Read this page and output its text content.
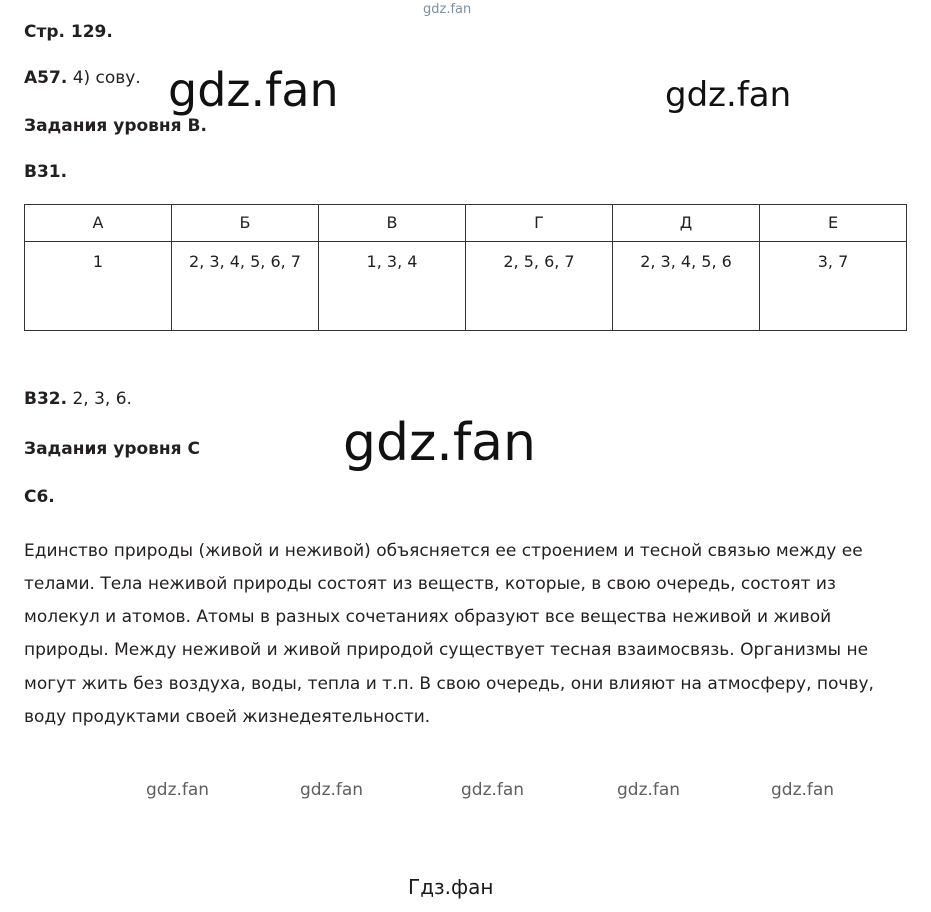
Стр. 129.
А57. 4) сову.
Задания уровня В.
В31.
А	Б	В	Г	Д	Е
1	2, 3, 4, 5, 6, 7	1, 3, 4	2, 5, 6, 7	2, 3, 4, 5, 6	3, 7
В32. 2, 3, 6.
Задания уровня С
С6.
Единство природы (живой и неживой) объясняется ее строением и тесной связью между ее телами. Тела неживой природы состоят из веществ, которые, в свою очередь, состоят из молекул и атомов. Атомы в разных сочетаниях образуют все вещества неживой и живой природы. Между неживой и живой природой существует тесная взаимосвязь. Организмы не могут жить без воздуха, воды, тепла и т.п. В свою очередь, они влияют на атмосферу, почву, воду продуктами своей жизнедеятельности.
gdz.fan
gdz.fan	gdz.fan
gdz.fan
gdz.fan	gdz.fan	gdz.fan	gdz.fan	gdz.fan
Гдз.фан
